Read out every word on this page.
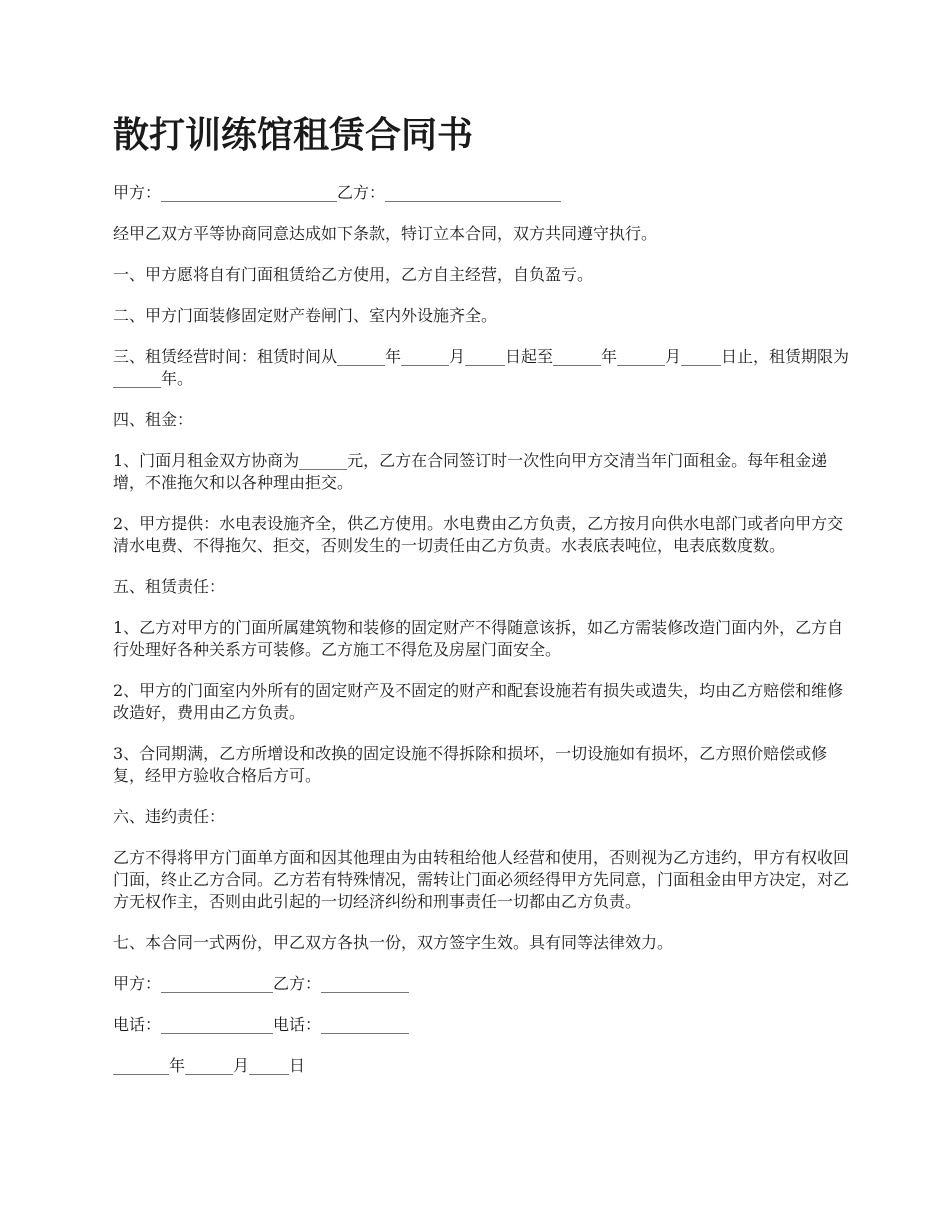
散打训练馆租赁合同书

甲方：______________________乙方：______________________

经甲乙双方平等协商同意达成如下条款，特订立本合同，双方共同遵守执行。

一、甲方愿将自有门面租赁给乙方使用，乙方自主经营，自负盈亏。

二、甲方门面装修固定财产卷闸门、室内外设施齐全。

三、租赁经营时间：租赁时间从______年______月_____日起至______年______月_____日止，租赁期限为______年。

四、租金：

1、门面月租金双方协商为______元，乙方在合同签订时一次性向甲方交清当年门面租金。每年租金递增，不准拖欠和以各种理由拒交。

2、甲方提供：水电表设施齐全，供乙方使用。水电费由乙方负责，乙方按月向供水电部门或者向甲方交清水电费、不得拖欠、拒交，否则发生的一切责任由乙方负责。水表底表吨位，电表底数度数。

五、租赁责任：

1、乙方对甲方的门面所属建筑物和装修的固定财产不得随意该拆，如乙方需装修改造门面内外，乙方自行处理好各种关系方可装修。乙方施工不得危及房屋门面安全。

2、甲方的门面室内外所有的固定财产及不固定的财产和配套设施若有损失或遗失，均由乙方赔偿和维修改造好，费用由乙方负责。

3、合同期满，乙方所增设和改换的固定设施不得拆除和损坏，一切设施如有损坏，乙方照价赔偿或修复，经甲方验收合格后方可。

六、违约责任：

乙方不得将甲方门面单方面和因其他理由为由转租给他人经营和使用，否则视为乙方违约，甲方有权收回门面，终止乙方合同。乙方若有特殊情况，需转让门面必须经得甲方先同意，门面租金由甲方决定，对乙方无权作主，否则由此引起的一切经济纠纷和刑事责任一切都由乙方负责。

七、本合同一式两份，甲乙双方各执一份，双方签字生效。具有同等法律效力。

甲方：______________乙方：___________

电话：______________电话：___________

_______年______月_____日
